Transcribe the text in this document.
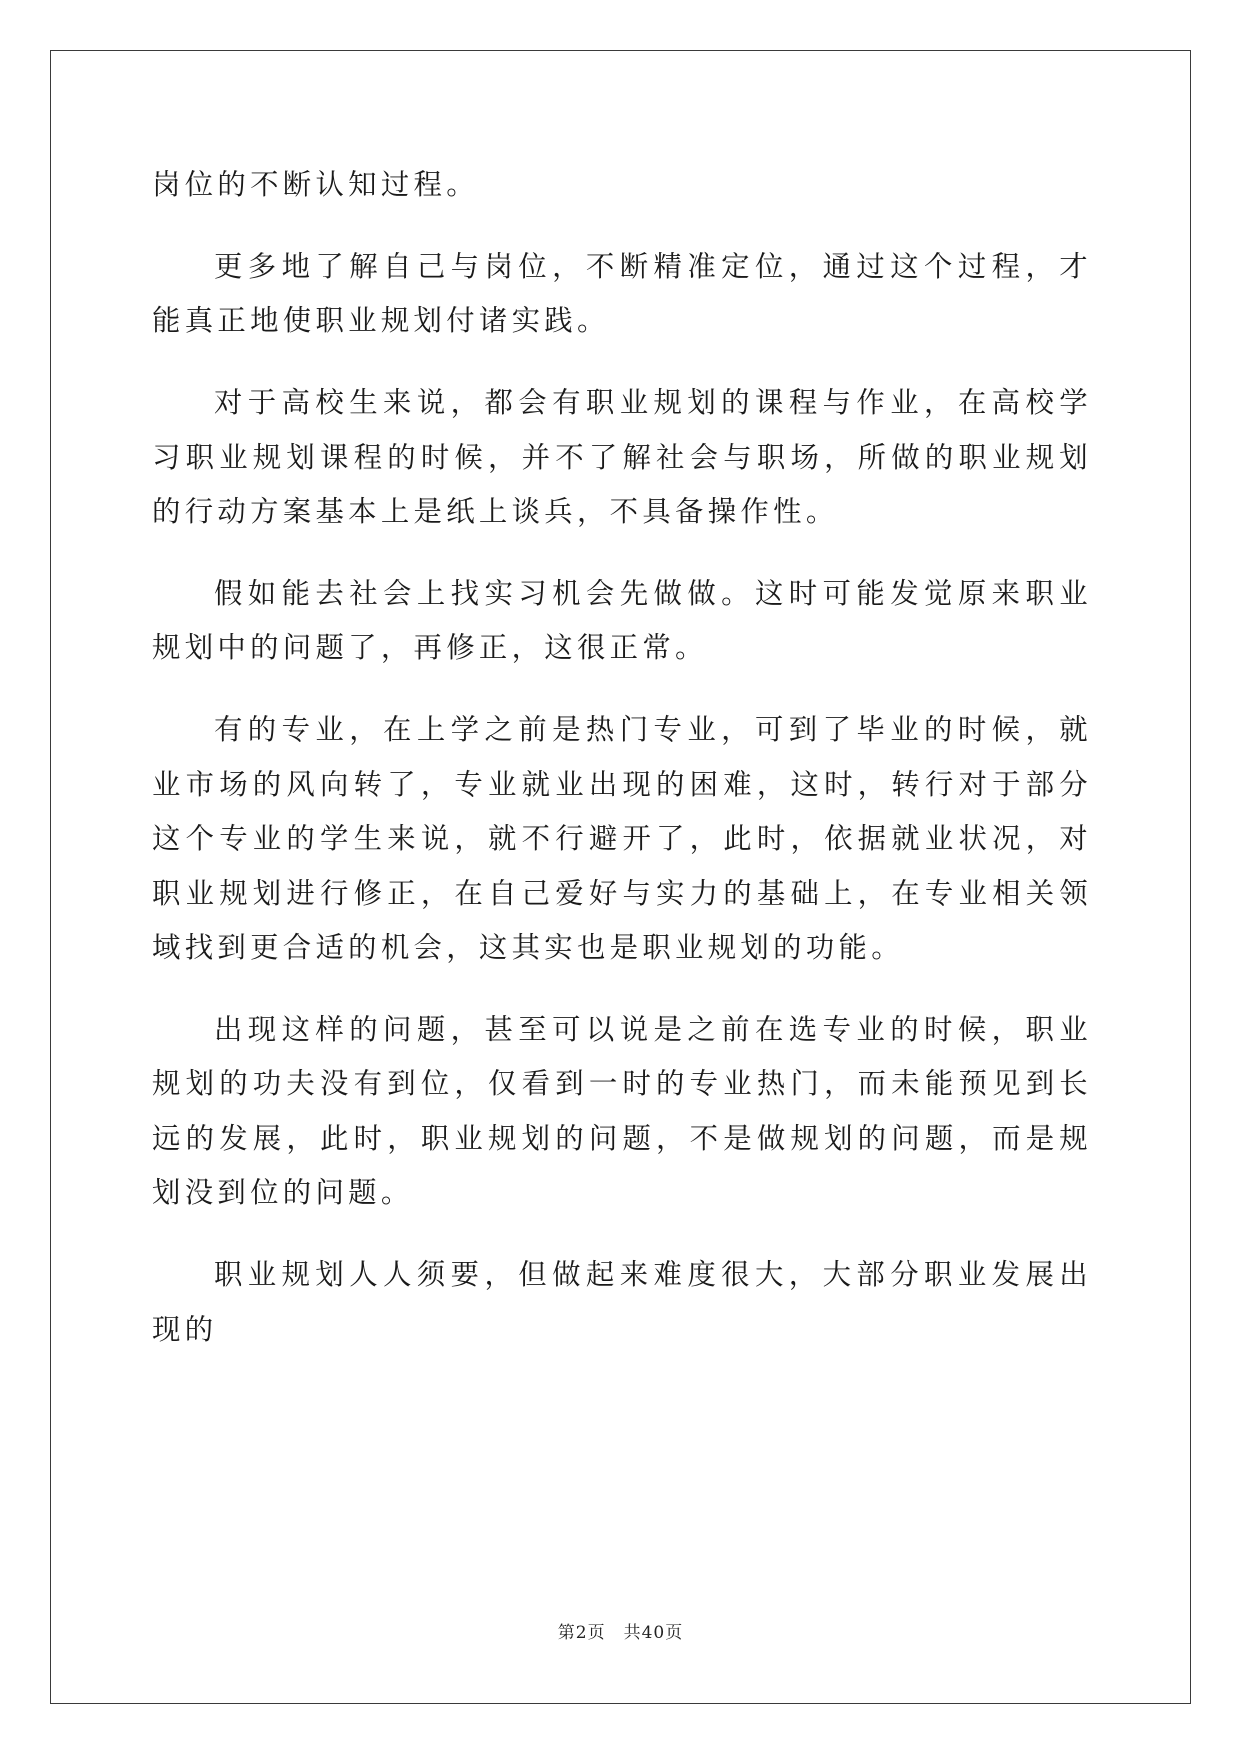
岗位的不断认知过程。

更多地了解自己与岗位，不断精准定位，通过这个过程，才能真正地使职业规划付诸实践。

对于高校生来说，都会有职业规划的课程与作业，在高校学习职业规划课程的时候，并不了解社会与职场，所做的职业规划的行动方案基本上是纸上谈兵，不具备操作性。

假如能去社会上找实习机会先做做。这时可能发觉原来职业规划中的问题了，再修正，这很正常。

有的专业，在上学之前是热门专业，可到了毕业的时候，就业市场的风向转了，专业就业出现的困难，这时，转行对于部分这个专业的学生来说，就不行避开了，此时，依据就业状况，对职业规划进行修正，在自己爱好与实力的基础上，在专业相关领域找到更合适的机会，这其实也是职业规划的功能。

出现这样的问题，甚至可以说是之前在选专业的时候，职业规划的功夫没有到位，仅看到一时的专业热门，而未能预见到长远的发展，此时，职业规划的问题，不是做规划的问题，而是规划没到位的问题。

职业规划人人须要，但做起来难度很大，大部分职业发展出现的

第2页 共40页
